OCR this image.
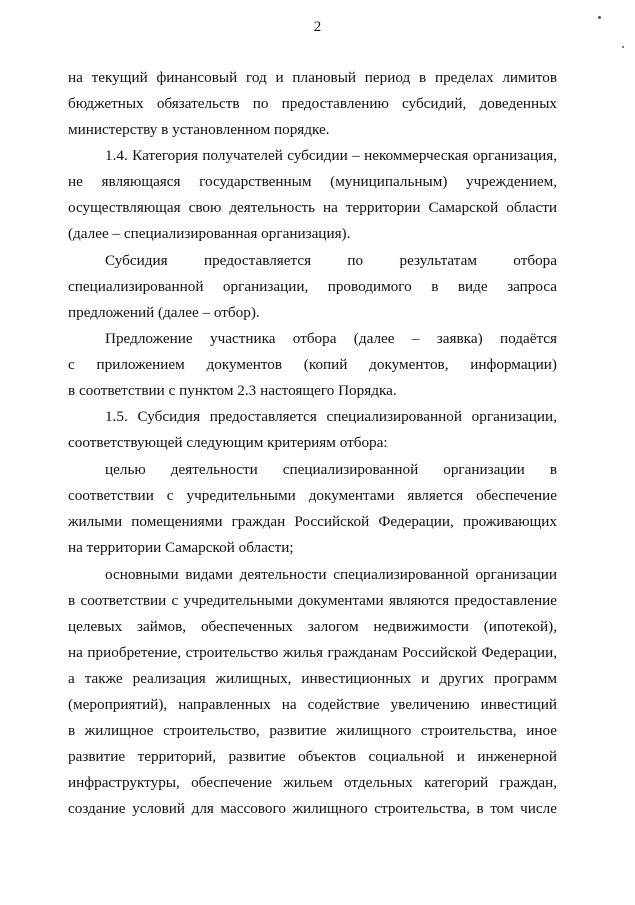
2
на текущий финансовый год и плановый период в пределах лимитов
бюджетных обязательств по предоставлению субсидий, доведенных
министерству в установленном порядке.
1.4. Категория получателей субсидии – некоммерческая организация,
не являющаяся государственным (муниципальным) учреждением,
осуществляющая свою деятельность на территории Самарской области
(далее – специализированная организация).
Субсидия предоставляется по результатам отбора
специализированной организации, проводимого в виде запроса
предложений (далее – отбор).
Предложение участника отбора (далее – заявка) подаётся
с приложением документов (копий документов, информации)
в соответствии с пунктом 2.3 настоящего Порядка.
1.5. Субсидия предоставляется специализированной организации,
соответствующей следующим критериям отбора:
целью деятельности специализированной организации в
соответствии с учредительными документами является обеспечение
жилыми помещениями граждан Российской Федерации, проживающих
на территории Самарской области;
основными видами деятельности специализированной организации
в соответствии с учредительными документами являются предоставление
целевых займов, обеспеченных залогом недвижимости (ипотекой),
на приобретение, строительство жилья гражданам Российской Федерации,
а также реализация жилищных, инвестиционных и других программ
(мероприятий), направленных на содействие увеличению инвестиций
в жилищное строительство, развитие жилищного строительства, иное
развитие территорий, развитие объектов социальной и инженерной
инфраструктуры, обеспечение жильем отдельных категорий граждан,
создание условий для массового жилищного строительства, в том числе
